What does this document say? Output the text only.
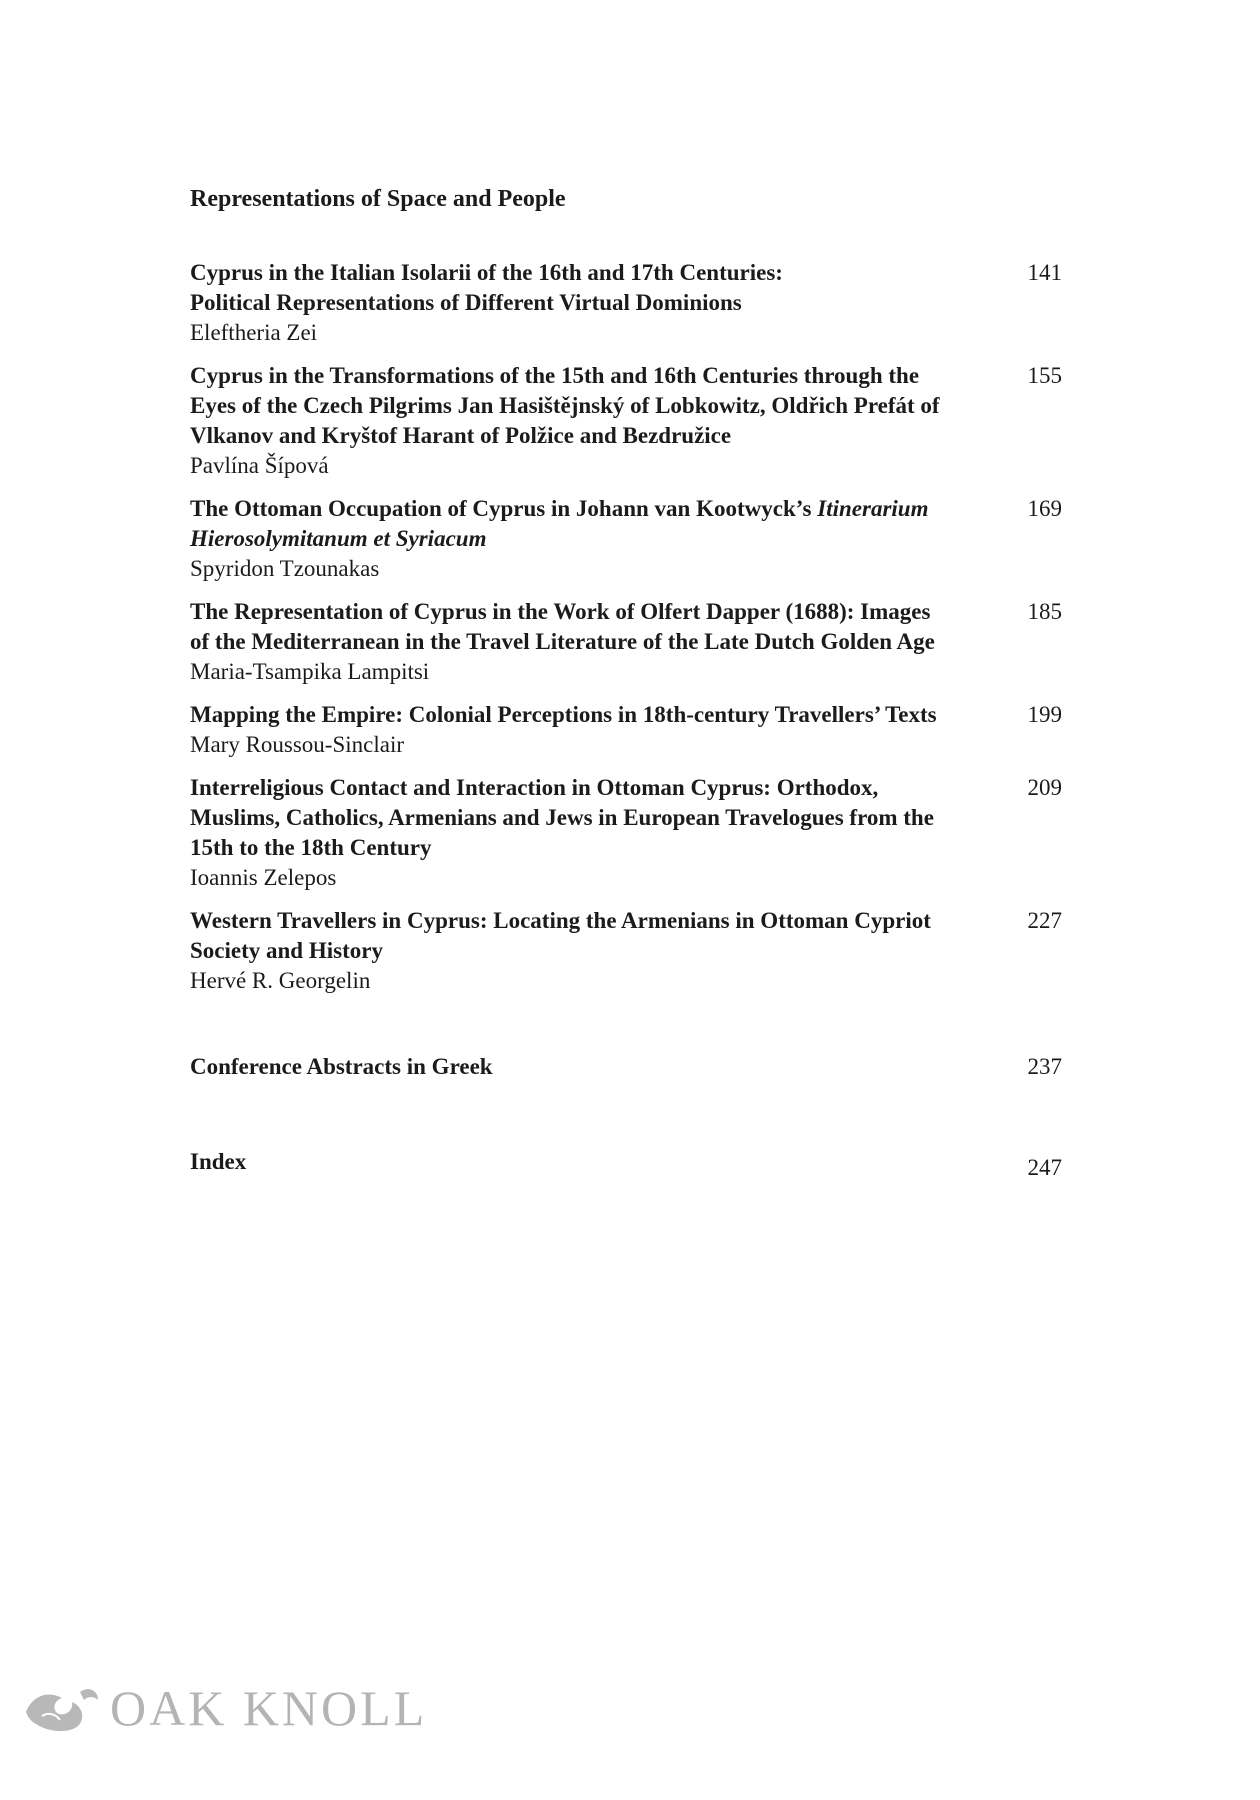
Representations of Space and People
Cyprus in the Italian Isolarii of the 16th and 17th Centuries:
Political Representations of Different Virtual Dominions
Eleftheria Zei
141
Cyprus in the Transformations of the 15th and 16th Centuries through the
Eyes of the Czech Pilgrims Jan Hasištějnský of Lobkowitz, Oldřich Prefát of
Vlkanov and Kryštof Harant of Polžice and Bezdružice
Pavlína Šípová
155
The Ottoman Occupation of Cyprus in Johann van Kootwyck’s Itinerarium
Hierosolymitanum et Syriacum
Spyridon Tzounakas
169
The Representation of Cyprus in the Work of Olfert Dapper (1688): Images
of the Mediterranean in the Travel Literature of the Late Dutch Golden Age
Maria-Tsampika Lampitsi
185
Mapping the Empire: Colonial Perceptions in 18th-century Travellers’ Texts
Mary Roussou-Sinclair
199
Interreligious Contact and Interaction in Ottoman Cyprus: Orthodox,
Muslims, Catholics, Armenians and Jews in European Travelogues from the
15th to the 18th Century
Ioannis Zelepos
209
Western Travellers in Cyprus: Locating the Armenians in Ottoman Cypriot
Society and History
Hervé R. Georgelin
227
Conference Abstracts in Greek	237
Index	247
OAK KNOLL
